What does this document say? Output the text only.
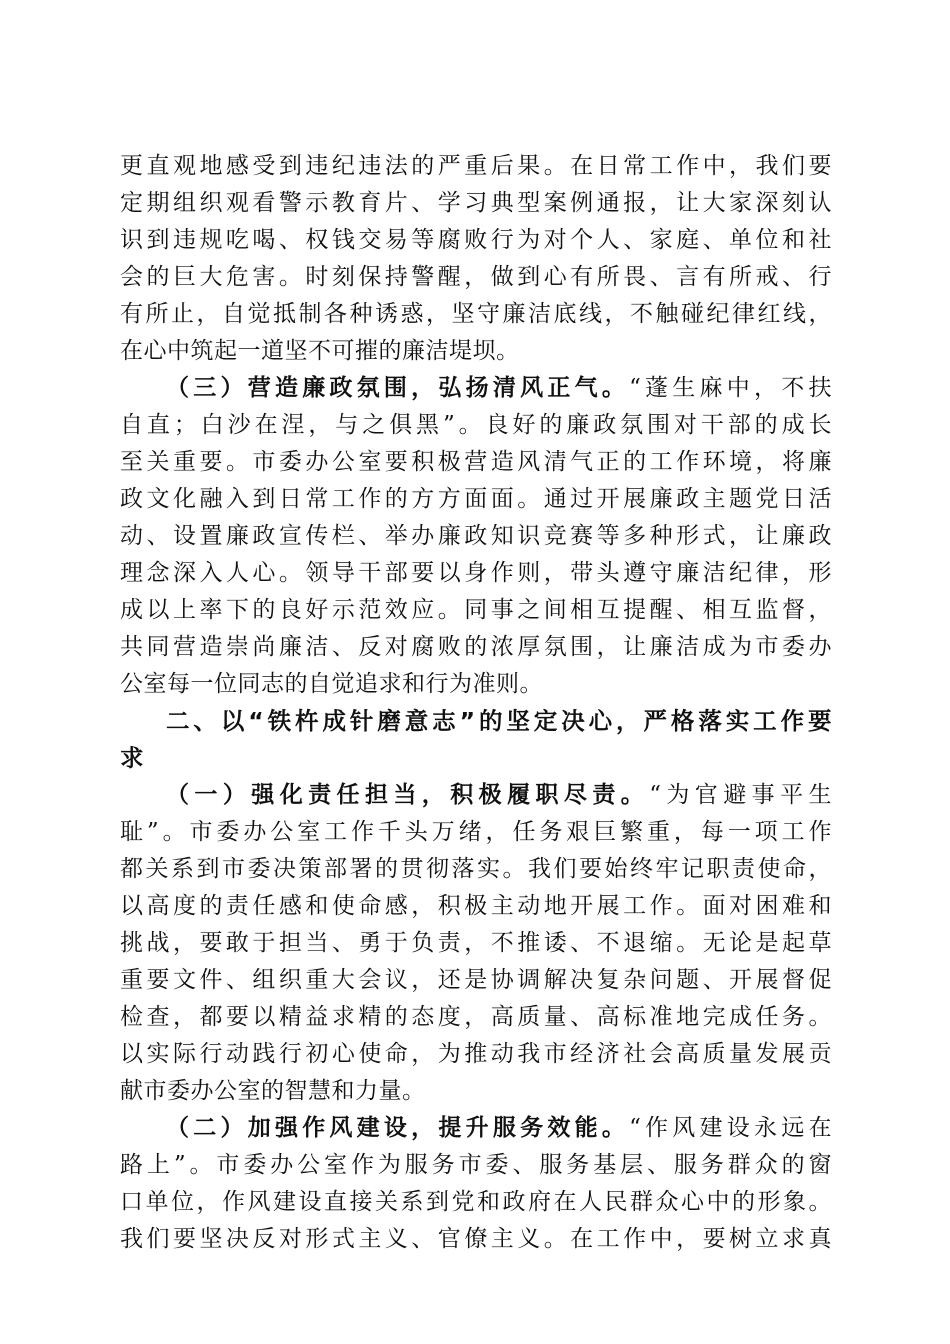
更直观地感受到违纪违法的严重后果。在日常工作中，我们要
定期组织观看警示教育片、学习典型案例通报，让大家深刻认
识到违规吃喝、权钱交易等腐败行为对个人、家庭、单位和社
会的巨大危害。时刻保持警醒，做到心有所畏、言有所戒、行
有所止，自觉抵制各种诱惑，坚守廉洁底线，不触碰纪律红线，
在心中筑起一道坚不可摧的廉洁堤坝。
（三）营造廉政氛围，弘扬清风正气。“蓬生麻中，不扶
自直；白沙在涅，与之俱黑”。良好的廉政氛围对干部的成长
至关重要。市委办公室要积极营造风清气正的工作环境，将廉
政文化融入到日常工作的方方面面。通过开展廉政主题党日活
动、设置廉政宣传栏、举办廉政知识竞赛等多种形式，让廉政
理念深入人心。领导干部要以身作则，带头遵守廉洁纪律，形
成以上率下的良好示范效应。同事之间相互提醒、相互监督，
共同营造崇尚廉洁、反对腐败的浓厚氛围，让廉洁成为市委办
公室每一位同志的自觉追求和行为准则。
二、以“铁杵成针磨意志”的坚定决心，严格落实工作要
求
（一）强化责任担当，积极履职尽责。“为官避事平生
耻”。市委办公室工作千头万绪，任务艰巨繁重，每一项工作
都关系到市委决策部署的贯彻落实。我们要始终牢记职责使命，
以高度的责任感和使命感，积极主动地开展工作。面对困难和
挑战，要敢于担当、勇于负责，不推诿、不退缩。无论是起草
重要文件、组织重大会议，还是协调解决复杂问题、开展督促
检查，都要以精益求精的态度，高质量、高标准地完成任务。
以实际行动践行初心使命，为推动我市经济社会高质量发展贡
献市委办公室的智慧和力量。
（二）加强作风建设，提升服务效能。“作风建设永远在
路上”。市委办公室作为服务市委、服务基层、服务群众的窗
口单位，作风建设直接关系到党和政府在人民群众心中的形象。
我们要坚决反对形式主义、官僚主义。在工作中，要树立求真
